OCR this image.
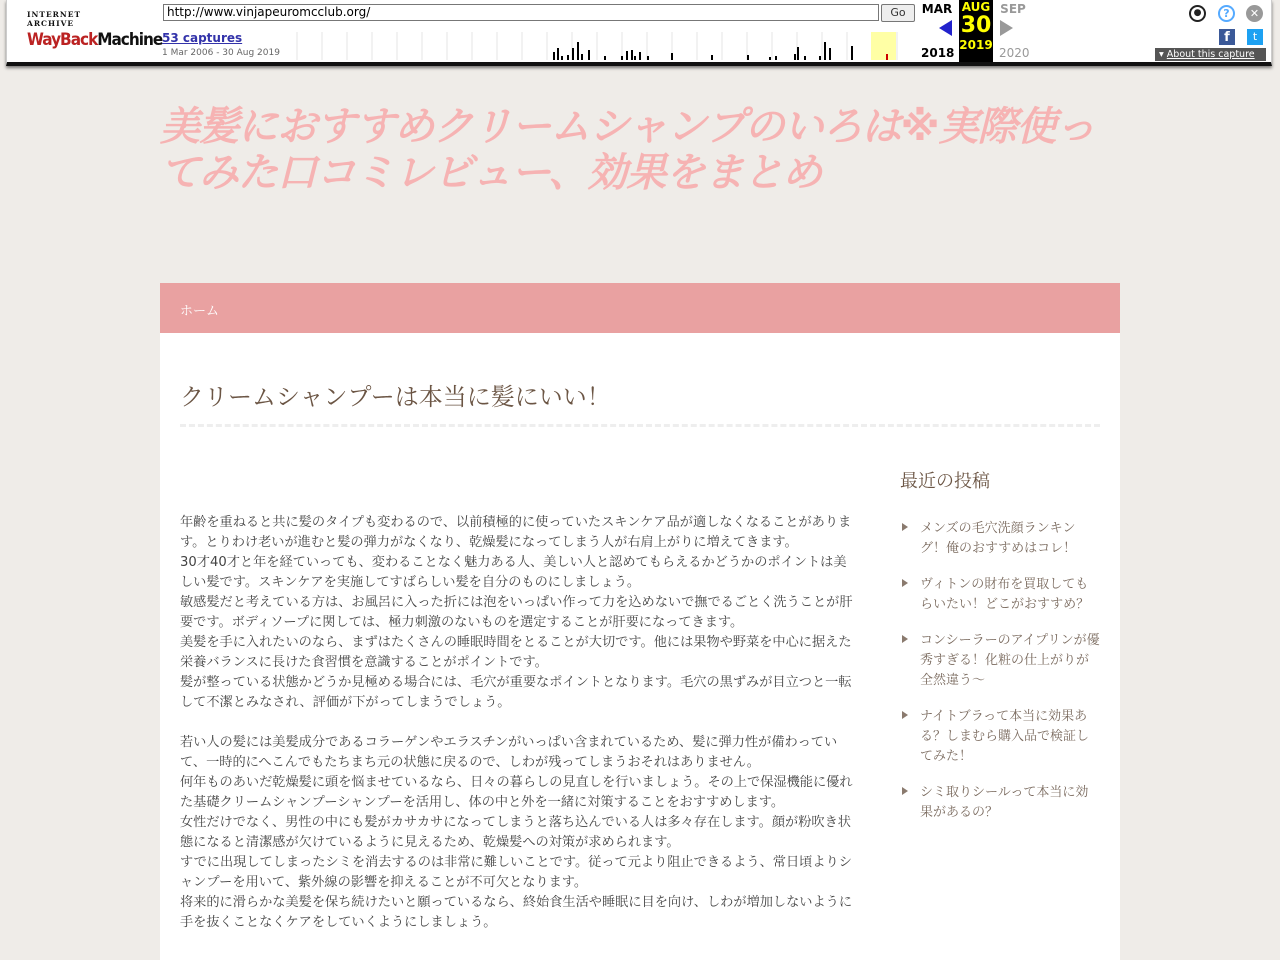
INTERNET ARCHIVE
WayBackMachine
http://www.vinjapeuromcclub.org/	Go
53 captures
1 Mar 2006 - 30 Aug 2019
MAR
2018
AUG
30
2019
SEP
2020
●	?	✕
f	t
▾ About this capture
美髪におすすめクリームシャンプのいろは※実際使ってみた口コミレビュー、効果をまとめ
ホーム
クリームシャンプーは本当に髪にいい！

年齢を重ねると共に髪のタイプも変わるので、以前積極的に使っていたスキンケア品が適しなくなることがあります。とりわけ老いが進むと髪の弾力がなくなり、乾燥髪になってしまう人が右肩上がりに増えてきます。

30才40才と年を経ていっても、変わることなく魅力ある人、美しい人と認めてもらえるかどうかのポイントは美しい髪です。スキンケアを実施してすばらしい髪を自分のものにしましょう。

敏感髪だと考えている方は、お風呂に入った折には泡をいっぱい作って力を込めないで撫でるごとく洗うことが肝要です。ボディソープに関しては、極力刺激のないものを選定することが肝要になってきます。

美髪を手に入れたいのなら、まずはたくさんの睡眠時間をとることが大切です。他には果物や野菜を中心に据えた栄養バランスに長けた食習慣を意識することがポイントです。

髪が整っている状態かどうか見極める場合には、毛穴が重要なポイントとなります。毛穴の黒ずみが目立つと一転して不潔とみなされ、評価が下がってしまうでしょう。

若い人の髪には美髪成分であるコラーゲンやエラスチンがいっぱい含まれているため、髪に弾力性が備わっていて、一時的にへこんでもたちまち元の状態に戻るので、しわが残ってしまうおそれはありません。

何年ものあいだ乾燥髪に頭を悩ませているなら、日々の暮らしの見直しを行いましょう。その上で保湿機能に優れた基礎クリームシャンプーシャンプーを活用し、体の中と外を一緒に対策することをおすすめします。

女性だけでなく、男性の中にも髪がカサカサになってしまうと落ち込んでいる人は多々存在します。顔が粉吹き状態になると清潔感が欠けているように見えるため、乾燥髪への対策が求められます。

すでに出現してしまったシミを消去するのは非常に難しいことです。従って元より阻止できるよう、常日頃よりシャンプーを用いて、紫外線の影響を抑えることが不可欠となります。

将来的に滑らかな美髪を保ち続けたいと願っているなら、終始食生活や睡眠に目を向け、しわが増加しないように手を抜くことなくケアをしていくようにしましょう。

最近の投稿
メンズの毛穴洗顔ランキング！俺のおすすめはコレ！
ヴィトンの財布を買取してもらいたい！どこがおすすめ？
コンシーラーのアイプリンが優秀すぎる！化粧の仕上がりが全然違う〜
ナイトブラって本当に効果ある？しまむら購入品で検証してみた！
シミ取りシールって本当に効果があるの？
